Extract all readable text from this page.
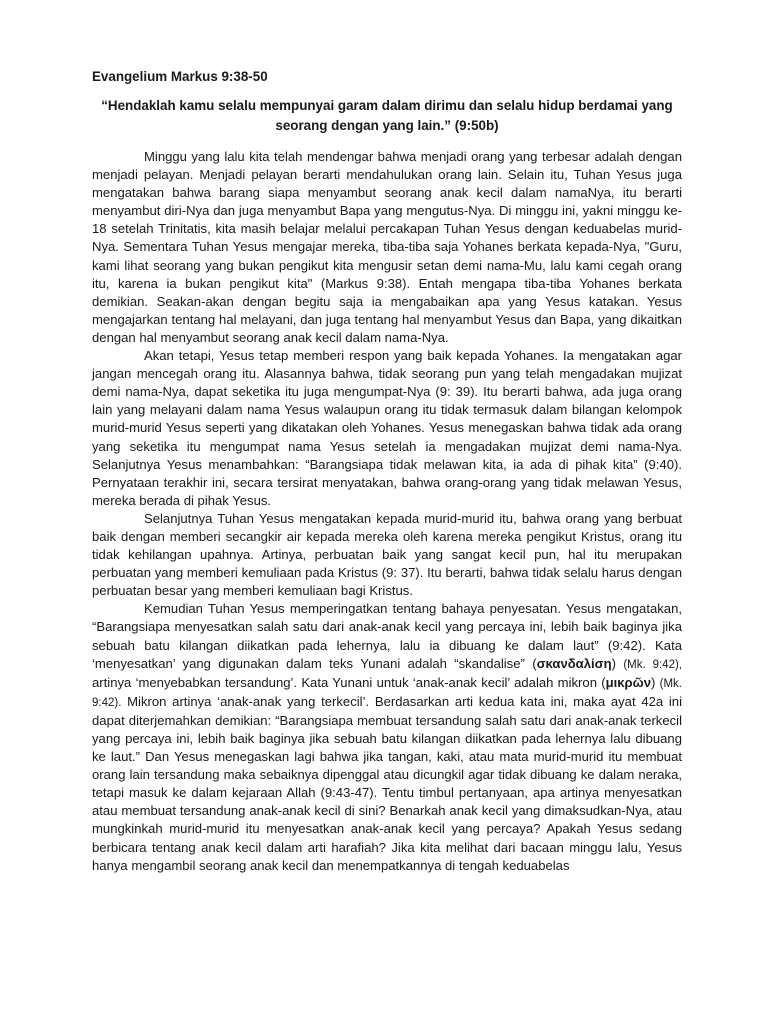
Evangelium Markus 9:38-50
“Hendaklah kamu selalu mempunyai garam dalam dirimu dan selalu hidup berdamai yang seorang dengan yang lain.” (9:50b)

Minggu yang lalu kita telah mendengar bahwa menjadi orang yang terbesar adalah dengan menjadi pelayan. Menjadi pelayan berarti mendahulukan orang lain. Selain itu, Tuhan Yesus juga mengatakan bahwa barang siapa menyambut seorang anak kecil dalam namaNya, itu berarti menyambut diri-Nya dan juga menyambut Bapa yang mengutus-Nya. Di minggu ini, yakni minggu ke-18 setelah Trinitatis, kita masih belajar melalui percakapan Tuhan Yesus dengan keduabelas murid-Nya. Sementara Tuhan Yesus mengajar mereka, tiba-tiba saja Yohanes berkata kepada-Nya, "Guru, kami lihat seorang yang bukan pengikut kita mengusir setan demi nama-Mu, lalu kami cegah orang itu, karena ia bukan pengikut kita" (Markus 9:38). Entah mengapa tiba-tiba Yohanes berkata demikian. Seakan-akan dengan begitu saja ia mengabaikan apa yang Yesus katakan. Yesus mengajarkan tentang hal melayani, dan juga tentang hal menyambut Yesus dan Bapa, yang dikaitkan dengan hal menyambut seorang anak kecil dalam nama-Nya.

Akan tetapi, Yesus tetap memberi respon yang baik kepada Yohanes. Ia mengatakan agar jangan mencegah orang itu. Alasannya bahwa, tidak seorang pun yang telah mengadakan mujizat demi nama-Nya, dapat seketika itu juga mengumpat-Nya (9: 39). Itu berarti bahwa, ada juga orang lain yang melayani dalam nama Yesus walaupun orang itu tidak termasuk dalam bilangan kelompok murid-murid Yesus seperti yang dikatakan oleh Yohanes. Yesus menegaskan bahwa tidak ada orang yang seketika itu mengumpat nama Yesus setelah ia mengadakan mujizat demi nama-Nya. Selanjutnya Yesus menambahkan: “Barangsiapa tidak melawan kita, ia ada di pihak kita” (9:40). Pernyataan terakhir ini, secara tersirat menyatakan, bahwa orang-orang yang tidak melawan Yesus, mereka berada di pihak Yesus.

Selanjutnya Tuhan Yesus mengatakan kepada murid-murid itu, bahwa orang yang berbuat baik dengan memberi secangkir air kepada mereka oleh karena mereka pengikut Kristus, orang itu tidak kehilangan upahnya. Artinya, perbuatan baik yang sangat kecil pun, hal itu merupakan perbuatan yang memberi kemuliaan pada Kristus (9: 37). Itu berarti, bahwa tidak selalu harus dengan perbuatan besar yang memberi kemuliaan bagi Kristus.

Kemudian Tuhan Yesus memperingatkan tentang bahaya penyesatan. Yesus mengatakan, “Barangsiapa menyesatkan salah satu dari anak-anak kecil yang percaya ini, lebih baik baginya jika sebuah batu kilangan diikatkan pada lehernya, lalu ia dibuang ke dalam laut” (9:42). Kata ‘menyesatkan’ yang digunakan dalam teks Yunani adalah “skandalise” (σκανδαλίση) (Mk. 9:42), artinya ‘menyebabkan tersandung’. Kata Yunani untuk ‘anak-anak kecil’ adalah mikron (μικρῶν) (Mk. 9:42). Mikron artinya ‘anak-anak yang terkecil’. Berdasarkan arti kedua kata ini, maka ayat 42a ini dapat diterjemahkan demikian: “Barangsiapa membuat tersandung salah satu dari anak-anak terkecil yang percaya ini, lebih baik baginya jika sebuah batu kilangan diikatkan pada lehernya lalu dibuang ke laut.” Dan Yesus menegaskan lagi bahwa jika tangan, kaki, atau mata murid-murid itu membuat orang lain tersandung maka sebaiknya dipenggal atau dicungkil agar tidak dibuang ke dalam neraka, tetapi masuk ke dalam kejaraan Allah (9:43-47). Tentu timbul pertanyaan, apa artinya menyesatkan atau membuat tersandung anak-anak kecil di sini? Benarkah anak kecil yang dimaksudkan-Nya, atau mungkinkah murid-murid itu menyesatkan anak-anak kecil yang percaya? Apakah Yesus sedang berbicara tentang anak kecil dalam arti harafiah? Jika kita melihat dari bacaan minggu lalu, Yesus hanya mengambil seorang anak kecil dan menempatkannya di tengah keduabelas
